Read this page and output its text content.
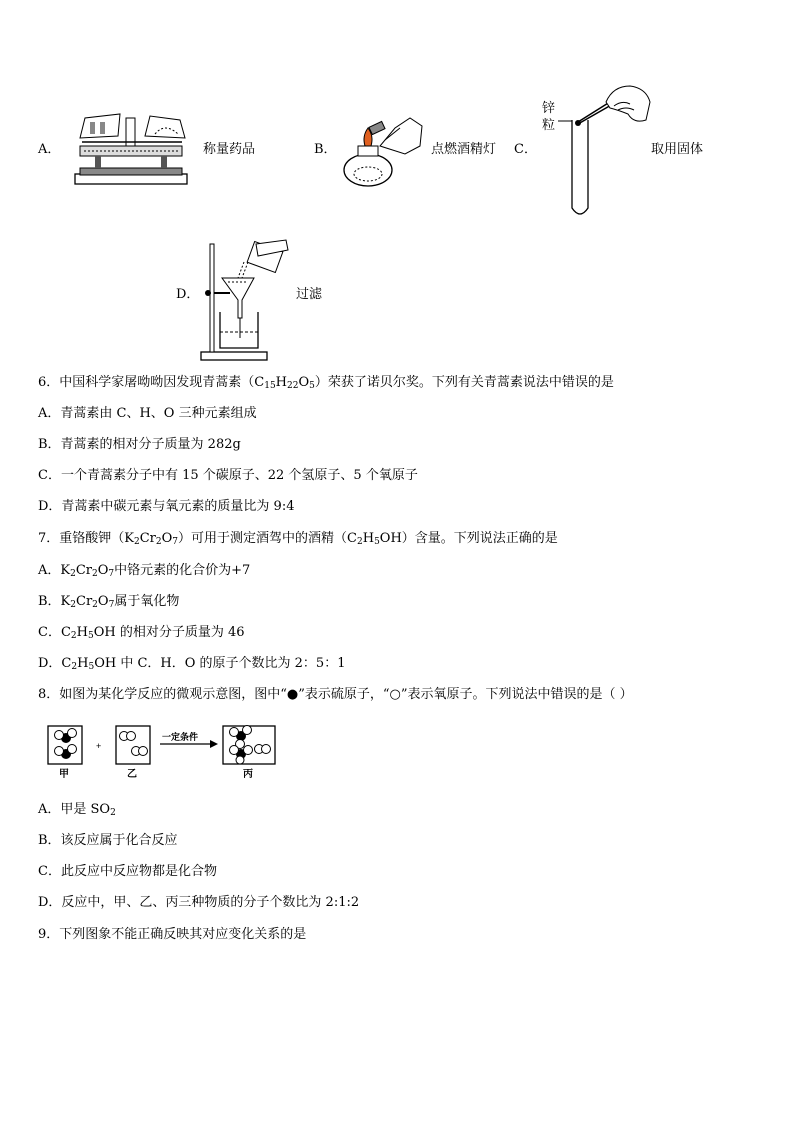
A．	称量药品	B．	点燃酒精灯 C．
锌
粒
取用固体
D．	过滤
6．中国科学家屠呦呦因发现青蒿素$(C_{15}H_{22}O_5)$荣获了诺贝尔奖。下列有关青蒿素说法中错误的是
A．青蒿素由 C、H、O 三种元素组成
B．青蒿素的相对分子质量为 282g
C．一个青蒿素分子中有 15 个碳原子、22 个氢原子、5 个氧原子
D．青蒿素中碳元素与氧元素的质量比为 9:4
7．重铬酸钾$(K_2Cr_2O_7)$可用于测定酒驾中的酒精$(C_2H_5OH)$含量。下列说法正确的是
A．$K_2Cr_2O_7$中铬元素的化合价为+7
B．$K_2Cr_2O_7$属于氧化物
C．$C_2H_5OH$ 的相对分子质量为 46
D．$C_2H_5OH$ 中 C．H．O 的原子个数比为 2：5：1
8．如图为某化学反应的微观示意图，图中“●”表示硫原子，“○”表示氧原子。下列说法中错误的是（ ）
+
一定条件
甲	乙	丙
A．甲是 $SO_2$
B．该反应属于化合反应
C．此反应中反应物都是化合物
D．反应中，甲、乙、丙三种物质的分子个数比为 2:1:2
9．下列图象不能正确反映其对应变化关系的是
